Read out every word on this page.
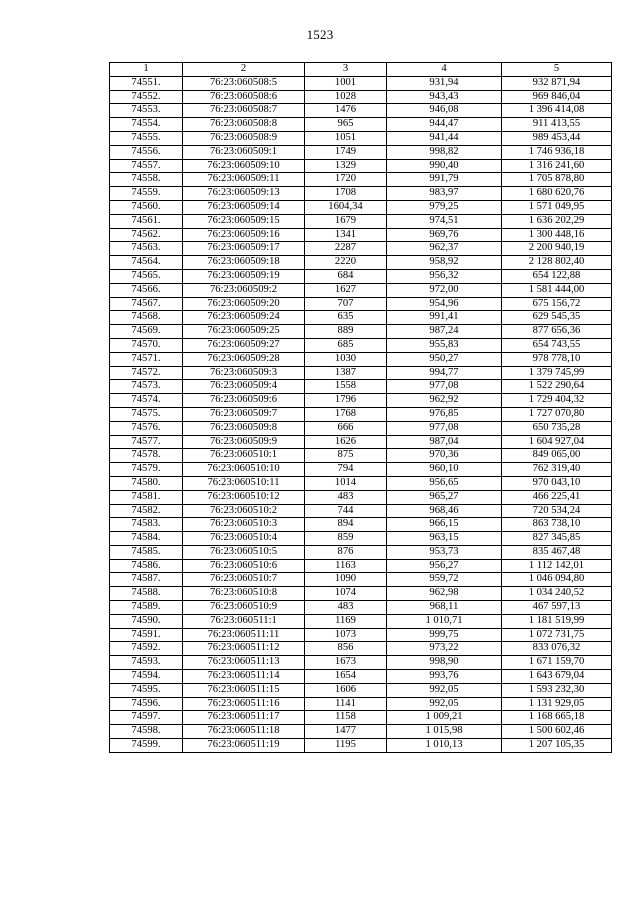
1523
1	2	3	4	5
74551.	76:23:060508:5	1001	931,94	932 871,94
74552.	76:23:060508:6	1028	943,43	969 846,04
74553.	76:23:060508:7	1476	946,08	1 396 414,08
74554.	76:23:060508:8	965	944,47	911 413,55
74555.	76:23:060508:9	1051	941,44	989 453,44
74556.	76:23:060509:1	1749	998,82	1 746 936,18
74557.	76:23:060509:10	1329	990,40	1 316 241,60
74558.	76:23:060509:11	1720	991,79	1 705 878,80
74559.	76:23:060509:13	1708	983,97	1 680 620,76
74560.	76:23:060509:14	1604,34	979,25	1 571 049,95
74561.	76:23:060509:15	1679	974,51	1 636 202,29
74562.	76:23:060509:16	1341	969,76	1 300 448,16
74563.	76:23:060509:17	2287	962,37	2 200 940,19
74564.	76:23:060509:18	2220	958,92	2 128 802,40
74565.	76:23:060509:19	684	956,32	654 122,88
74566.	76:23:060509:2	1627	972,00	1 581 444,00
74567.	76:23:060509:20	707	954,96	675 156,72
74568.	76:23:060509:24	635	991,41	629 545,35
74569.	76:23:060509:25	889	987,24	877 656,36
74570.	76:23:060509:27	685	955,83	654 743,55
74571.	76:23:060509:28	1030	950,27	978 778,10
74572.	76:23:060509:3	1387	994,77	1 379 745,99
74573.	76:23:060509:4	1558	977,08	1 522 290,64
74574.	76:23:060509:6	1796	962,92	1 729 404,32
74575.	76:23:060509:7	1768	976,85	1 727 070,80
74576.	76:23:060509:8	666	977,08	650 735,28
74577.	76:23:060509:9	1626	987,04	1 604 927,04
74578.	76:23:060510:1	875	970,36	849 065,00
74579.	76:23:060510:10	794	960,10	762 319,40
74580.	76:23:060510:11	1014	956,65	970 043,10
74581.	76:23:060510:12	483	965,27	466 225,41
74582.	76:23:060510:2	744	968,46	720 534,24
74583.	76:23:060510:3	894	966,15	863 738,10
74584.	76:23:060510:4	859	963,15	827 345,85
74585.	76:23:060510:5	876	953,73	835 467,48
74586.	76:23:060510:6	1163	956,27	1 112 142,01
74587.	76:23:060510:7	1090	959,72	1 046 094,80
74588.	76:23:060510:8	1074	962,98	1 034 240,52
74589.	76:23:060510:9	483	968,11	467 597,13
74590.	76:23:060511:1	1169	1 010,71	1 181 519,99
74591.	76:23:060511:11	1073	999,75	1 072 731,75
74592.	76:23:060511:12	856	973,22	833 076,32
74593.	76:23:060511:13	1673	998,90	1 671 159,70
74594.	76:23:060511:14	1654	993,76	1 643 679,04
74595.	76:23:060511:15	1606	992,05	1 593 232,30
74596.	76:23:060511:16	1141	992,05	1 131 929,05
74597.	76:23:060511:17	1158	1 009,21	1 168 665,18
74598.	76:23:060511:18	1477	1 015,98	1 500 602,46
74599.	76:23:060511:19	1195	1 010,13	1 207 105,35
